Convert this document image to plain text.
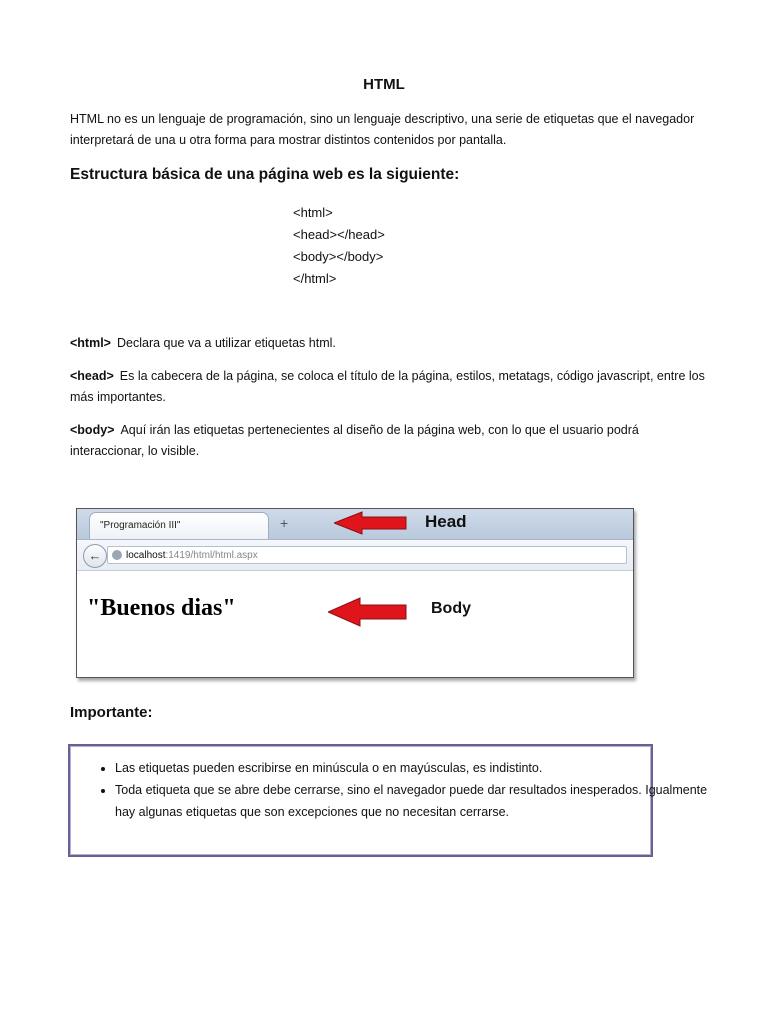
HTML
HTML no es un lenguaje de programación, sino un lenguaje descriptivo, una serie de etiquetas que el navegador interpretará de una u otra forma para mostrar distintos contenidos por pantalla.
Estructura básica de una página web es la siguiente:
<html>
<head></head>
<body></body>
</html>
<html> Declara que va a utilizar etiquetas html.
<head> Es la cabecera de la página, se coloca el título de la página, estilos, metatags, código javascript, entre los más importantes.
<body> Aquí irán las etiquetas pertenecientes al diseño de la página web, con lo que el usuario podrá interaccionar, lo visible.
"Programación III"	+
←	localhost:1419/html/html.aspx
"Buenos dias"
Head
Body
Importante:
• Las etiquetas pueden escribirse en minúscula o en mayúsculas, es indistinto.
• Toda etiqueta que se abre debe cerrarse, sino el navegador puede dar resultados inesperados. Igualmente hay algunas etiquetas que son excepciones que no necesitan cerrarse.
